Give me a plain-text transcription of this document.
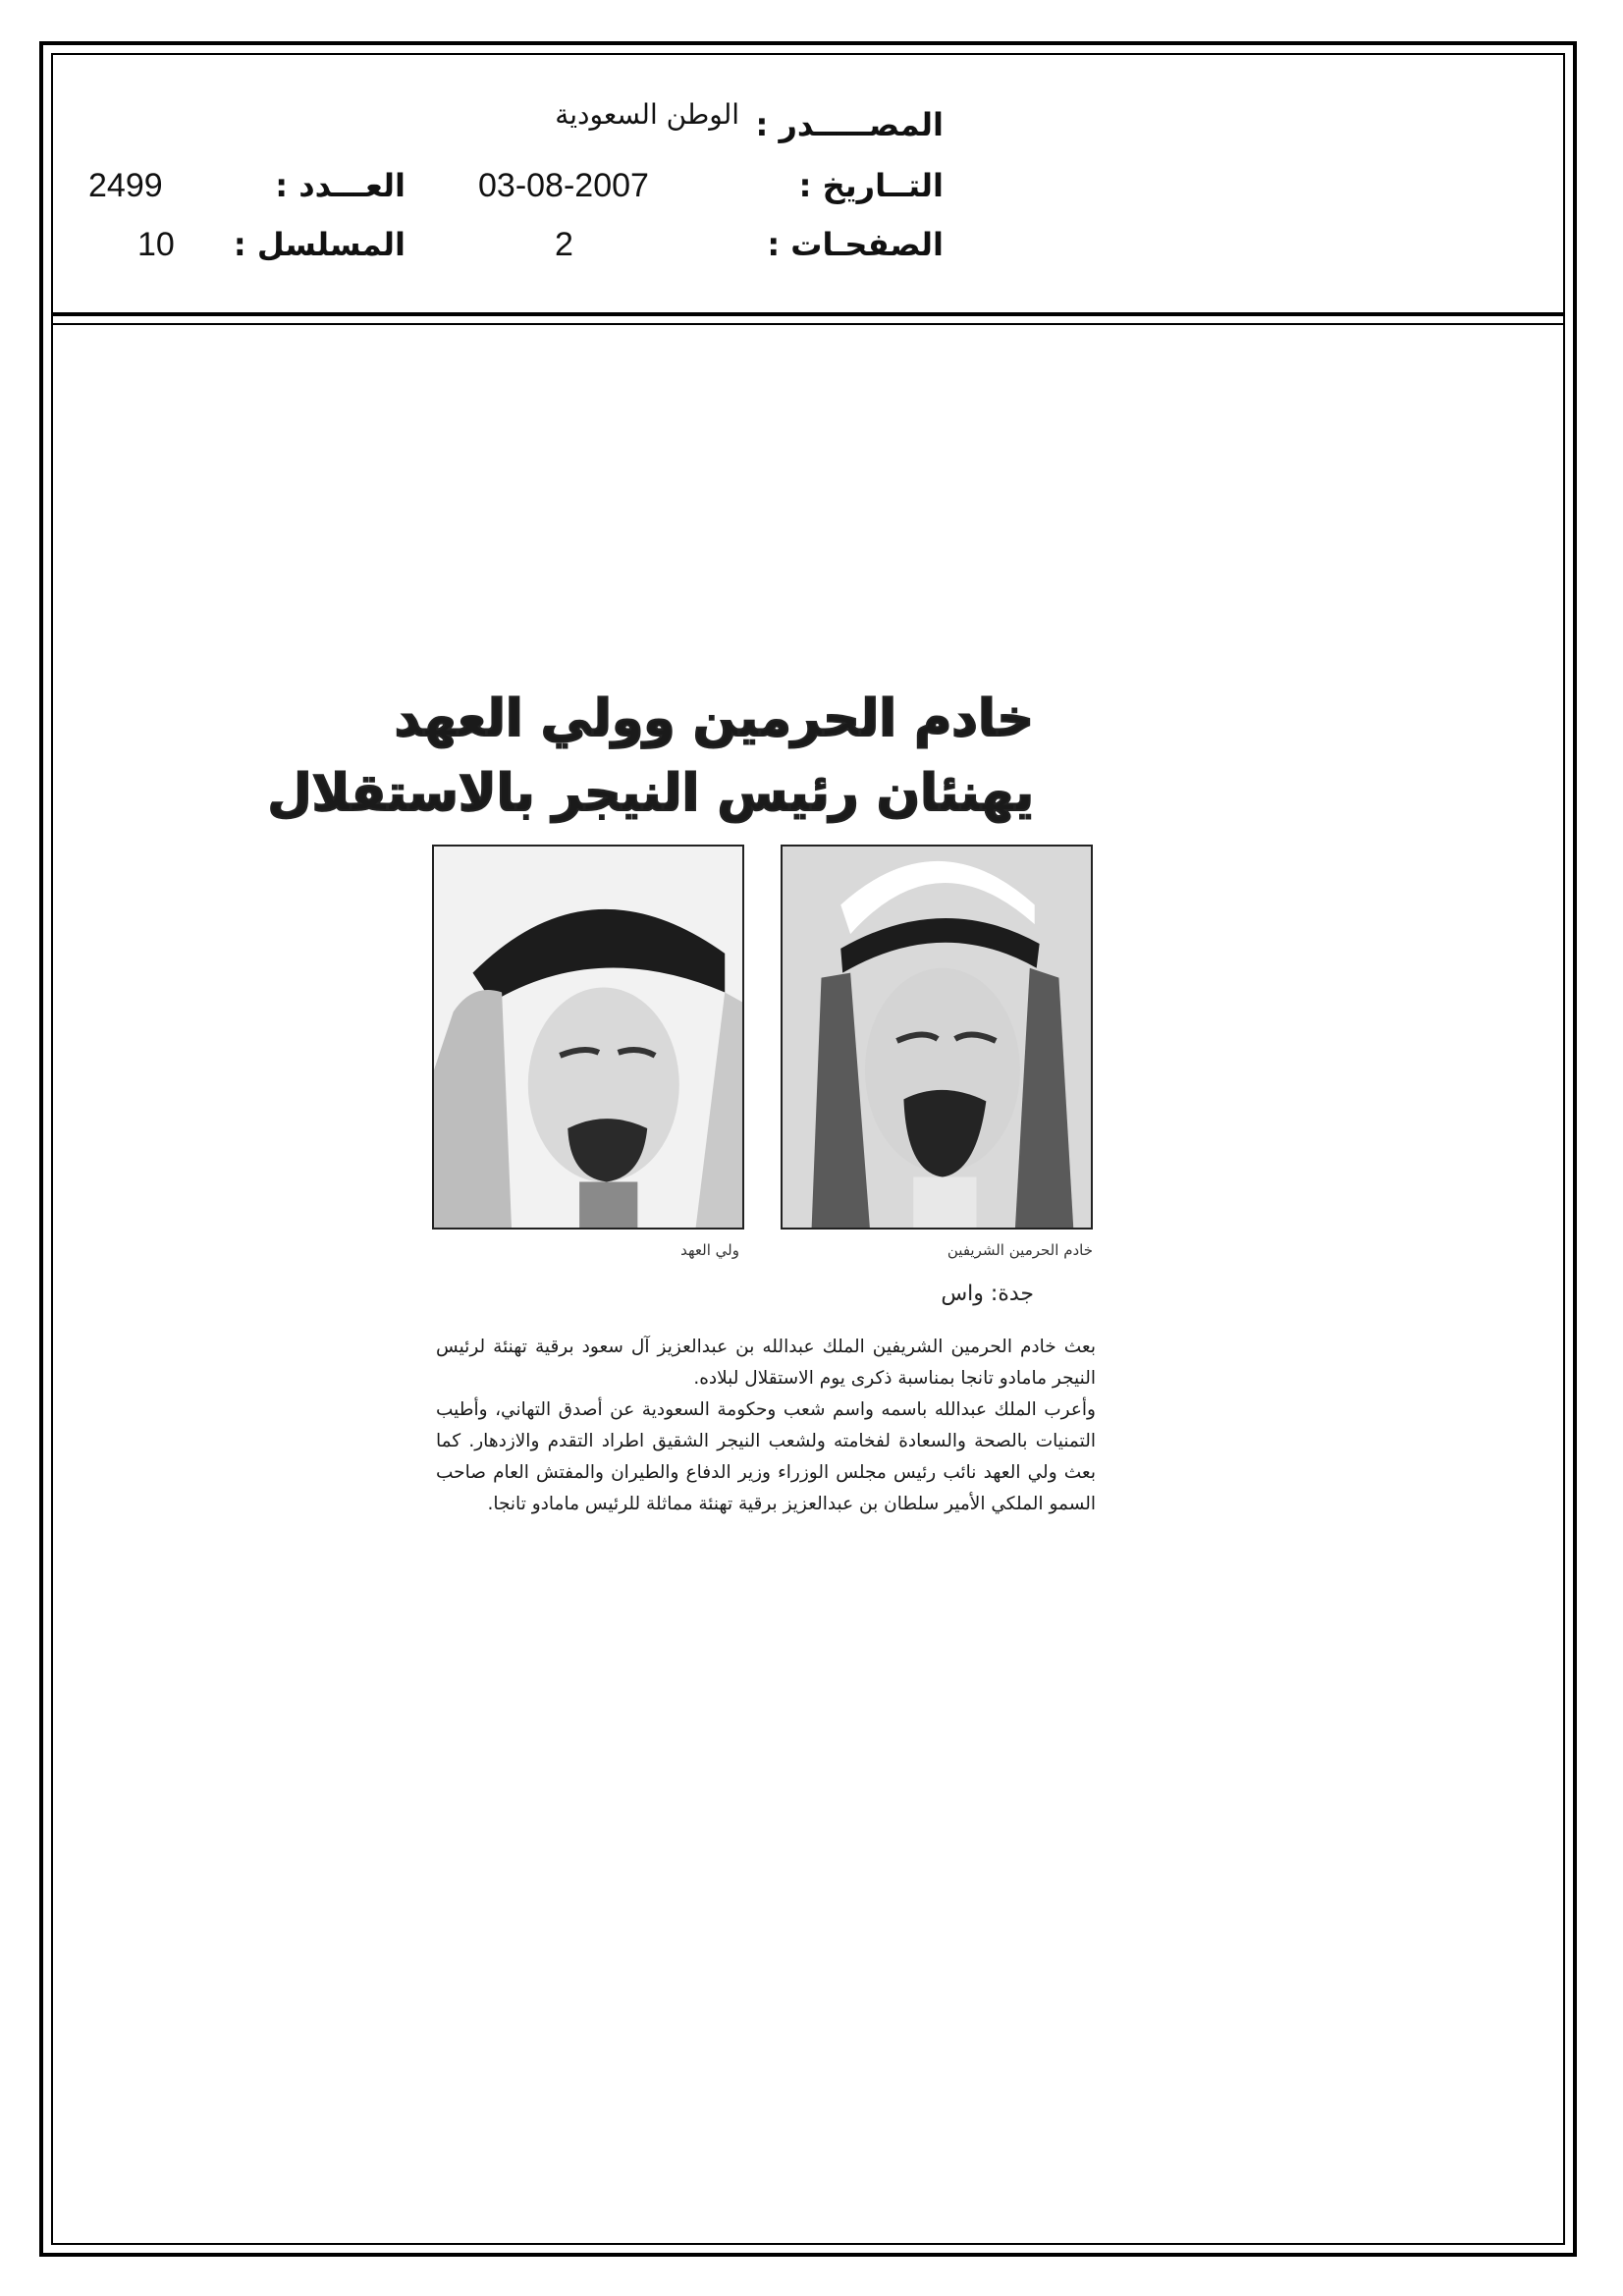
المصـــــدر :
الوطن السعودية
التــاريخ :
03-08-2007
العـــدد :
2499
الصفحـات :
2
المسلسل :
10
خادم الحرمين وولي العهد
يهنئان رئيس النيجر بالاستقلال
خادم الحرمين الشريفين
ولي العهد
جدة: واس

بعث خادم الحرمين الشريفين الملك عبدالله بن عبدالعزيز آل سعود برقية تهنئة لرئيس النيجر مامادو تانجا بمناسبة ذكرى يوم الاستقلال لبلاده.

وأعرب الملك عبدالله باسمه واسم شعب وحكومة السعودية عن أصدق التهاني، وأطيب التمنيات بالصحة والسعادة لفخامته ولشعب النيجر الشقيق اطراد التقدم والازدهار. كما بعث ولي العهد نائب رئيس مجلس الوزراء وزير الدفاع والطيران والمفتش العام صاحب السمو الملكي الأمير سلطان بن عبدالعزيز برقية تهنئة مماثلة للرئيس مامادو تانجا.
